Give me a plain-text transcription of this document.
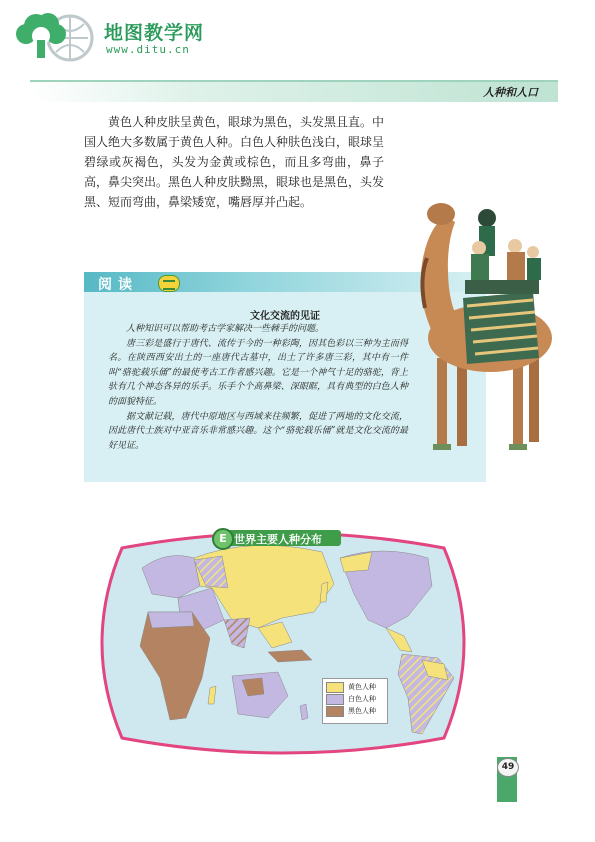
地图教学网
www.ditu.cn
人种和人口

黄色人种皮肤呈黄色，眼球为黑色，头发黑且直。中国人绝大多数属于黄色人种。白色人种肤色浅白，眼球呈碧绿或灰褐色，头发为金黄或棕色，而且多弯曲，鼻子高，鼻尖突出。黑色人种皮肤黝黑，眼球也是黑色，头发黑、短而弯曲，鼻梁矮宽，嘴唇厚并凸起。

阅读
文化交流的见证

人种知识可以帮助考古学家解决一些棘手的问题。

唐三彩是盛行于唐代、流传于今的一种彩陶，因其色彩以三种为主而得名。在陕西西安出土的一座唐代古墓中，出土了许多唐三彩，其中有一件叫“骆驼载乐俑”的最使考古工作者感兴趣。它是一个神气十足的骆驼，背上驮有几个神态各异的乐手。乐手个个高鼻梁、深眼眶，具有典型的白色人种的面貌特征。

据文献记载，唐代中原地区与西域来往频繁，促进了两地的文化交流，因此唐代士族对中亚音乐非常感兴趣。这个“骆驼载乐俑”就是文化交流的最好见证。

E 世界主要人种分布
黄色人种
白色人种
黑色人种
49
